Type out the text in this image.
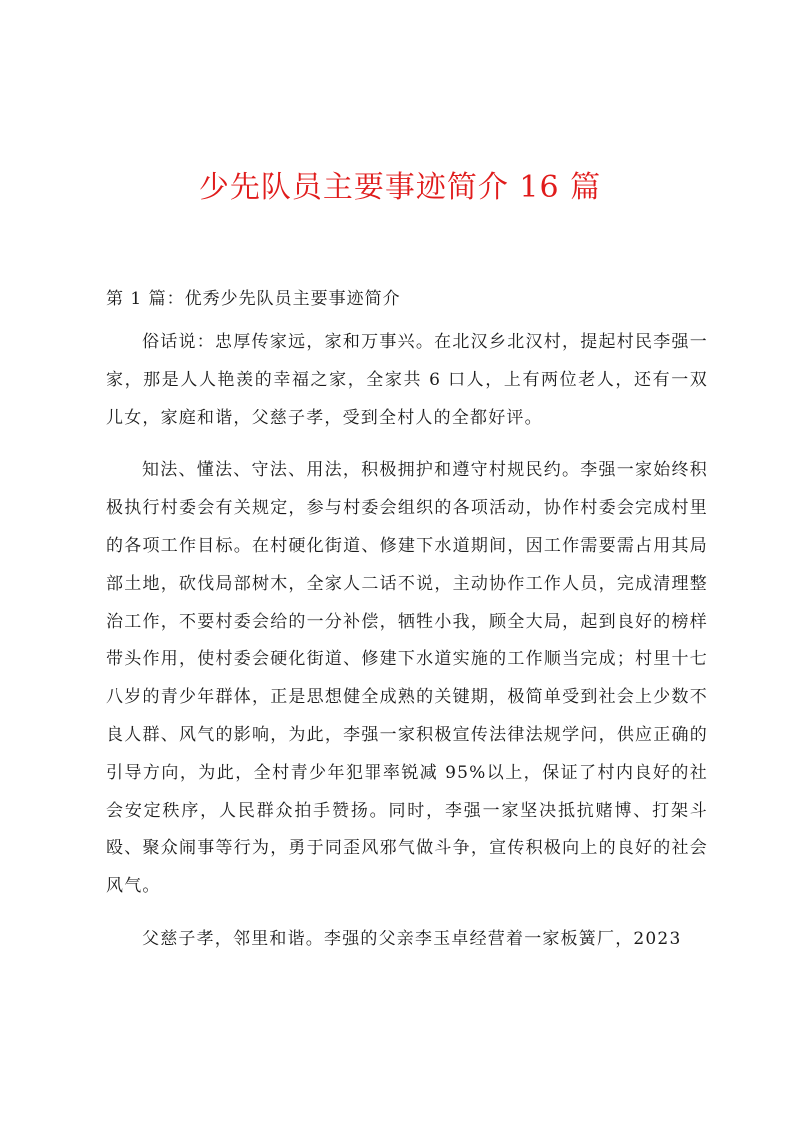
少先队员主要事迹简介 16 篇
第 1 篇：优秀少先队员主要事迹简介

俗话说：忠厚传家远，家和万事兴。在北汉乡北汉村，提起村民李强一家，那是人人艳羡的幸福之家，全家共 6 口人，上有两位老人，还有一双儿女，家庭和谐，父慈子孝，受到全村人的全都好评。

知法、懂法、守法、用法，积极拥护和遵守村规民约。李强一家始终积极执行村委会有关规定，参与村委会组织的各项活动，协作村委会完成村里的各项工作目标。在村硬化街道、修建下水道期间，因工作需要需占用其局部土地，砍伐局部树木，全家人二话不说，主动协作工作人员，完成清理整治工作，不要村委会给的一分补偿，牺牲小我，顾全大局，起到良好的榜样带头作用，使村委会硬化街道、修建下水道实施的工作顺当完成；村里十七八岁的青少年群体，正是思想健全成熟的关键期，极简单受到社会上少数不良人群、风气的影响，为此，李强一家积极宣传法律法规学问，供应正确的引导方向，为此，全村青少年犯罪率锐减 95%以上，保证了村内良好的社会安定秩序，人民群众拍手赞扬。同时，李强一家坚决抵抗赌博、打架斗殴、聚众闹事等行为，勇于同歪风邪气做斗争，宣传积极向上的良好的社会风气。

父慈子孝，邻里和谐。李强的父亲李玉卓经营着一家板簧厂，2023
